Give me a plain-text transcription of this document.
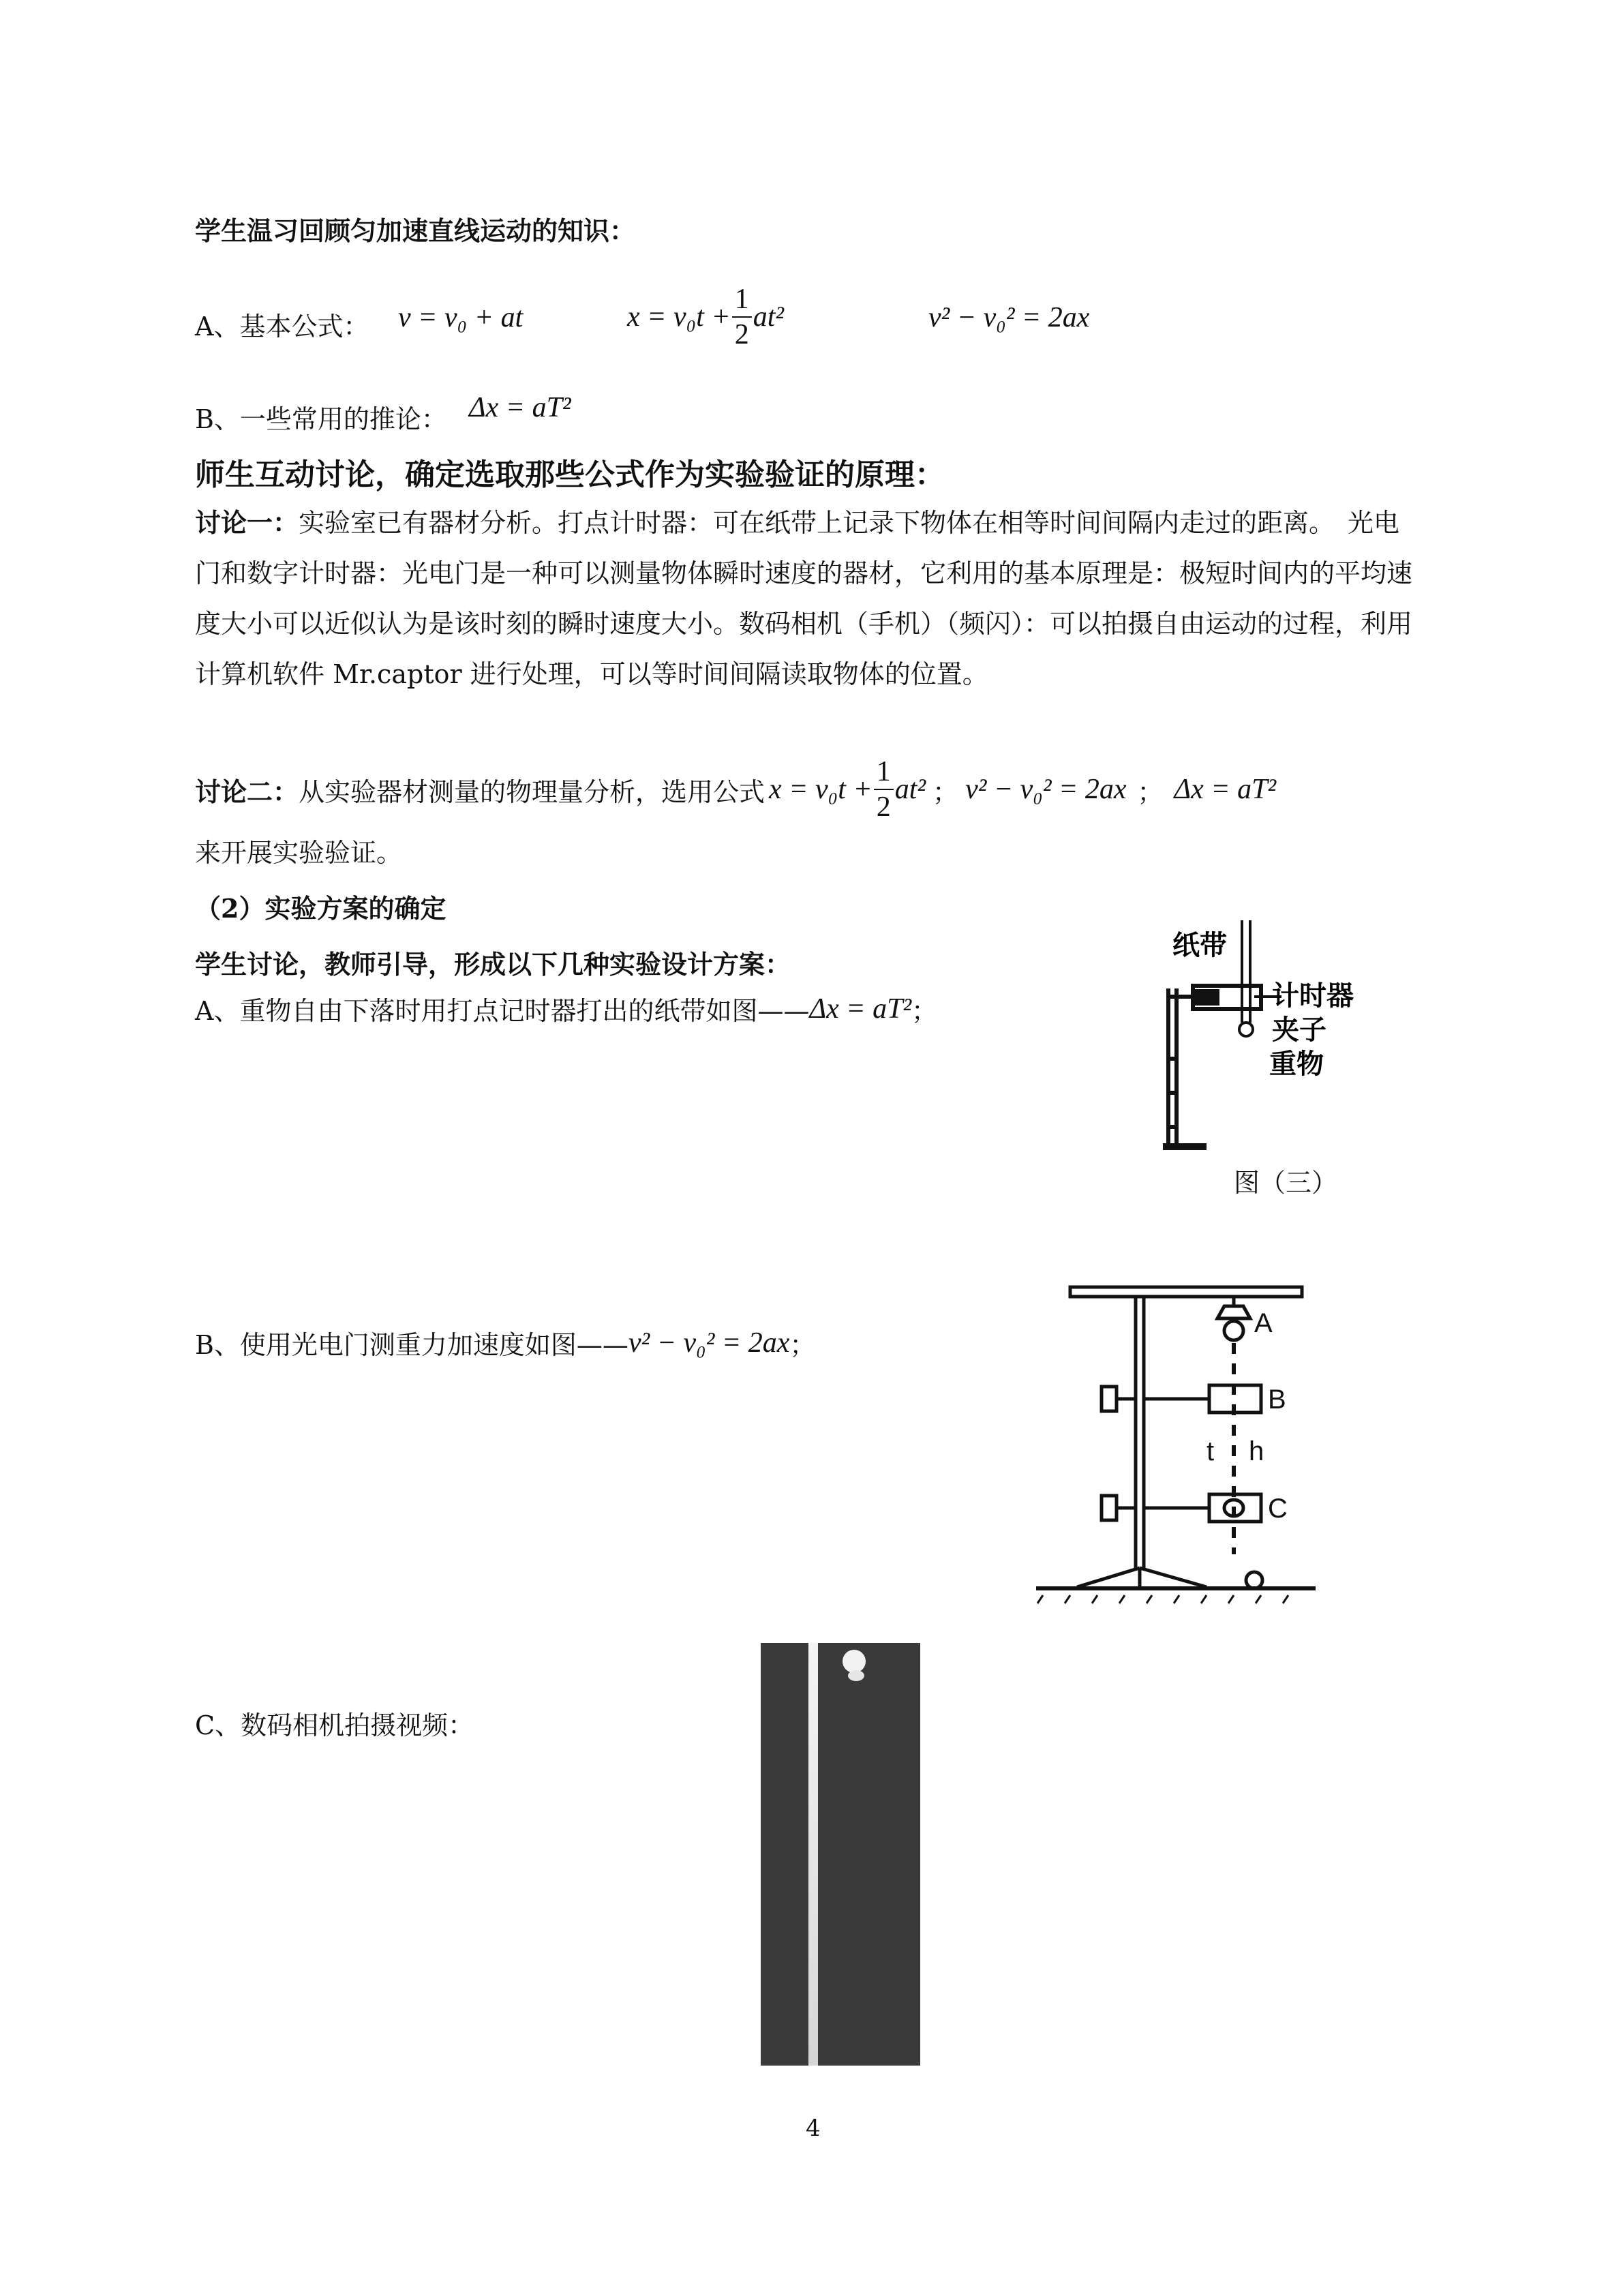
学生温习回顾匀加速直线运动的知识：
A、基本公式： v = v₀ + at	$x = v_0t + \frac{1}{2} at^2$	v² − v₀² = 2ax
B、一些常用的推论： Δx = aT²
师生互动讨论，确定选取那些公式作为实验验证的原理：
讨论一：实验室已有器材分析。打点计时器：可在纸带上记录下物体在相等时间间隔内走过的距离。　光电门和数字计时器：光电门是一种可以测量物体瞬时速度的器材，它利用的基本原理是：极短时间内的平均速度大小可以近似认为是该时刻的瞬时速度大小。数码相机（手机）（频闪）：可以拍摄自由运动的过程，利用计算机软件 Mr.captor 进行处理，可以等时间间隔读取物体的位置。
讨论二： 从实验器材测量的物理量分析，选用公式 $x = v_0t + \frac{1}{2} at^2$ ； v² − v₀² = 2ax ； Δx = aT²
来开展实验验证。
（2）实验方案的确定
学生讨论，教师引导，形成以下几种实验设计方案：
A、重物自由下落时用打点记时器打出的纸带如图—— Δx = aT² ；
纸带
计时器
夹子
重物
图（三）
B、使用光电门测重力加速度如图—— v² − v₀² = 2ax ；
A
B
C
t h
C、数码相机拍摄视频：
4
